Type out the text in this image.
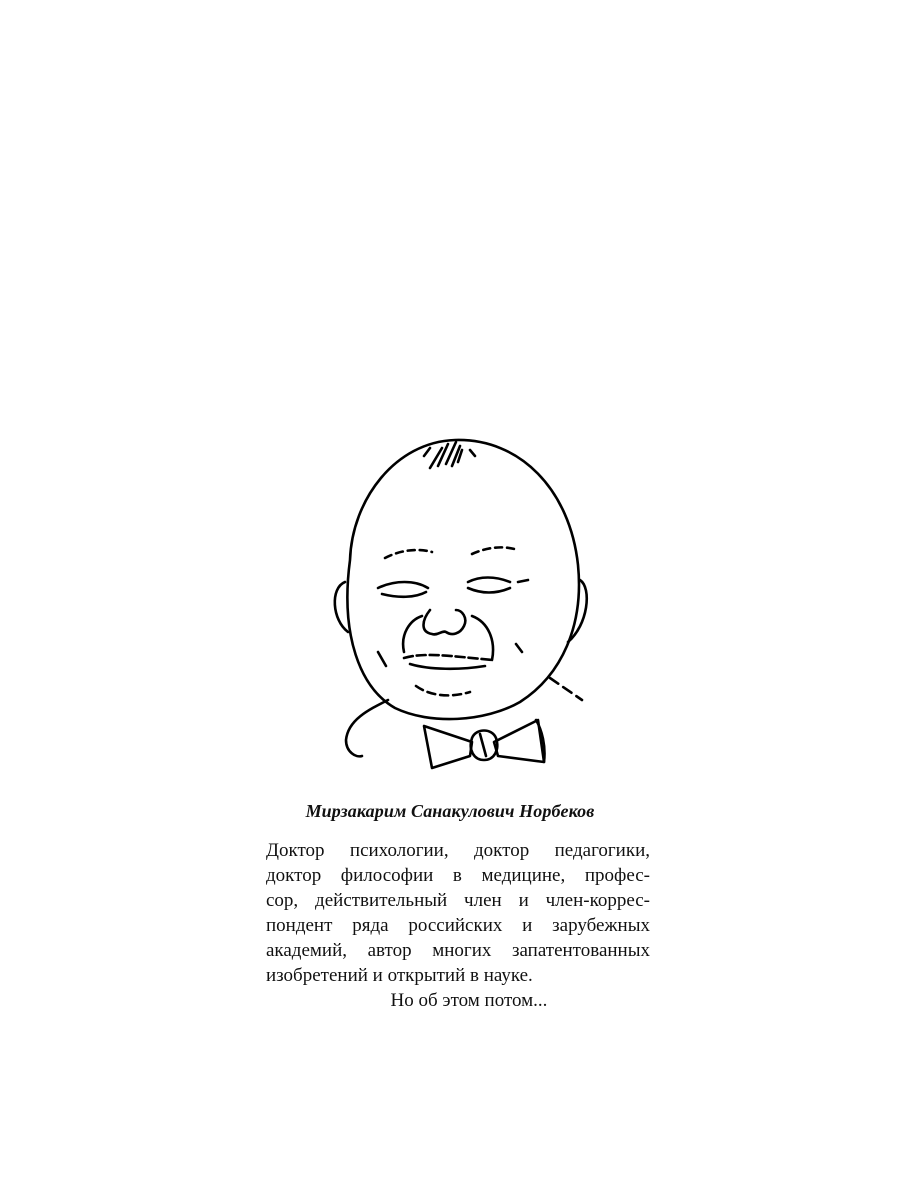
Мирзакарим Санакулович Норбеков
Доктор психологии, доктор педагогики,
доктор философии в медицине, профес-
сор, действительный член и член-коррес-
пондент ряда российских и зарубежных
академий, автор многих запатентованных
изобретений и открытий в науке.
Но об этом потом...
